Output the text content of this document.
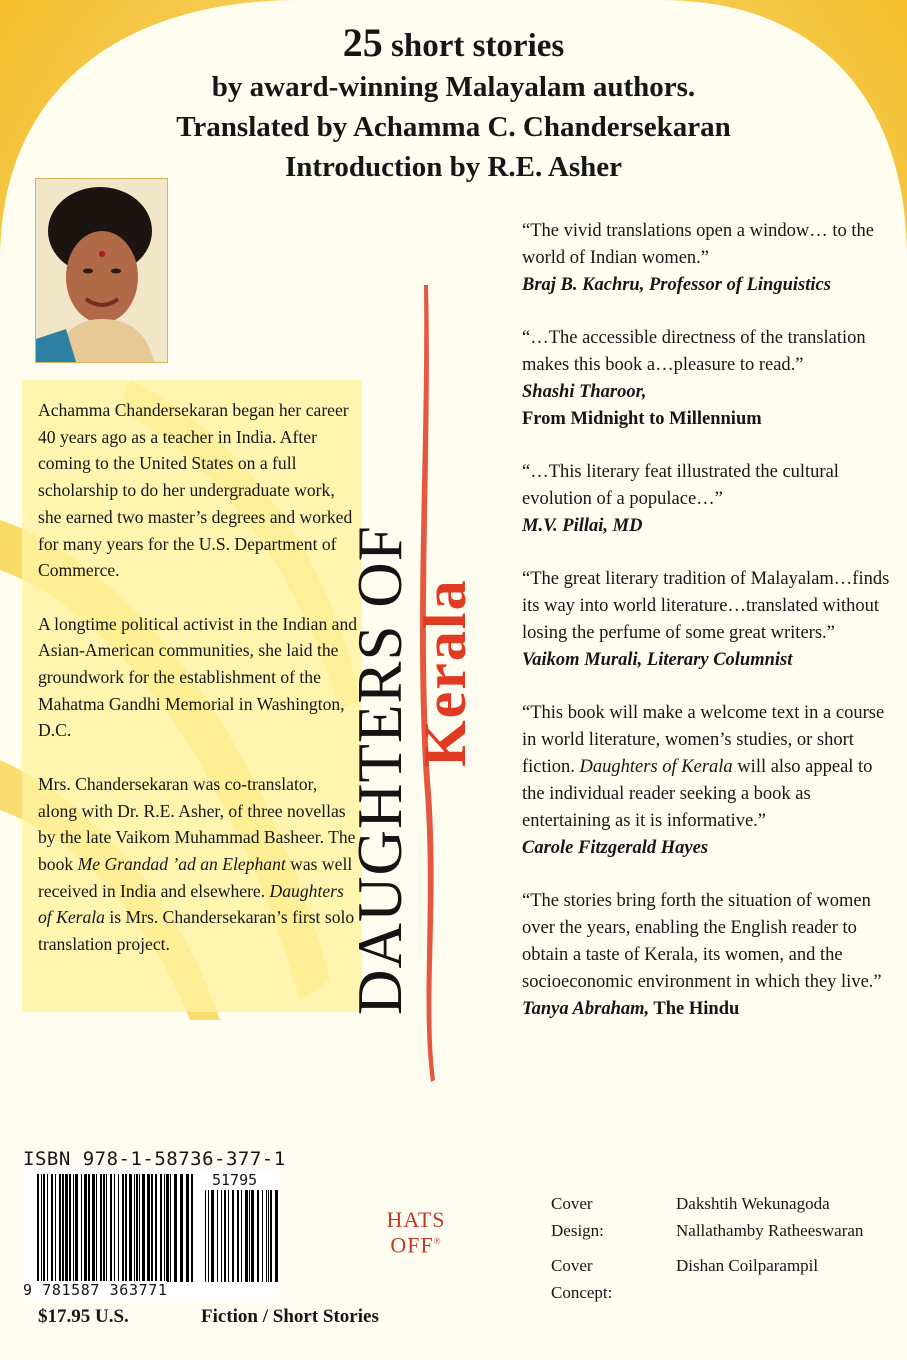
25 short stories
by award-winning Malayalam authors.
Translated by Achamma C. Chandersekaran
Introduction by R.E. Asher

Achamma Chandersekaran began her career 40 years ago as a teacher in India. After coming to the United States on a full scholarship to do her undergraduate work, she earned two master’s degrees and worked for many years for the U.S. Department of Commerce.

A longtime political activist in the Indian and Asian-American communities, she laid the groundwork for the establishment of the Mahatma Gandhi Memorial in Washington, D.C.

Mrs. Chandersekaran was co-translator, along with Dr. R.E. Asher, of three novellas by the late Vaikom Muhammad Basheer. The book Me Grandad ’ad an Elephant was well received in India and elsewhere. Daughters of Kerala is Mrs. Chandersekaran’s first solo translation project.	DAUGHTERS OF
Kerala
“The vivid translations open a window… to the world of Indian women.”
Braj B. Kachru, Professor of Linguistics
“…The accessible directness of the translation makes this book a…pleasure to read.”
Shashi Tharoor,
From Midnight to Millennium
“…This literary feat illustrated the cultural evolution of a populace…”
M.V. Pillai, MD
“The great literary tradition of Malayalam…finds its way into world literature…translated without losing the perfume of some great writers.”
Vaikom Murali, Literary Columnist
“This book will make a welcome text in a course in world literature, women’s studies, or short fiction. Daughters of Kerala will also appeal to the individual reader seeking a book as entertaining as it is informative.”
Carole Fitzgerald Hayes
“The stories bring forth the situation of women over the years, enabling the English reader to obtain a taste of Kerala, its women, and the socioeconomic environment in which they live.”
Tanya Abraham, The Hindu
ISBN 978-1-58736-377-1
51795
9 781587 363771
$17.95 U.S.	Fiction / Short Stories
HATS
OFF®
Cover Design:
Dakshtih Wekunagoda
Nallathamby Ratheeswaran
Cover Concept:
Dishan Coilparampil
